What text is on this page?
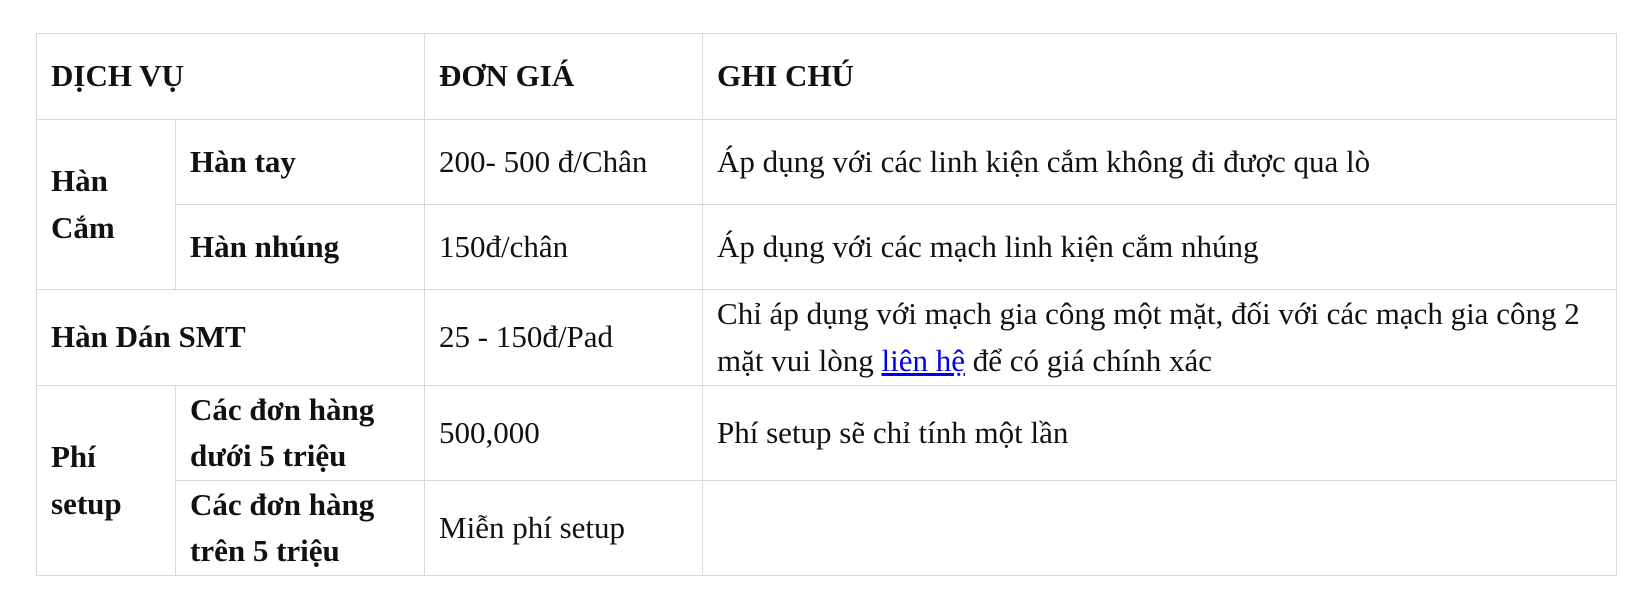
DỊCH VỤ		ĐƠN GIÁ	GHI CHÚ
Hàn Cắm	Hàn tay	200- 500 đ/Chân	Áp dụng với các linh kiện cắm không đi được qua lò
	Hàn nhúng	150đ/chân	Áp dụng với các mạch linh kiện cắm nhúng
Hàn Dán SMT		25 - 150đ/Pad	Chỉ áp dụng với mạch gia công một mặt, đối với các mạch gia công 2 mặt vui lòng liên hệ để có giá chính xác
Phí setup	Các đơn hàng dưới 5 triệu	500,000	Phí setup sẽ chỉ tính một lần
	Các đơn hàng trên 5 triệu	Miễn phí setup	
